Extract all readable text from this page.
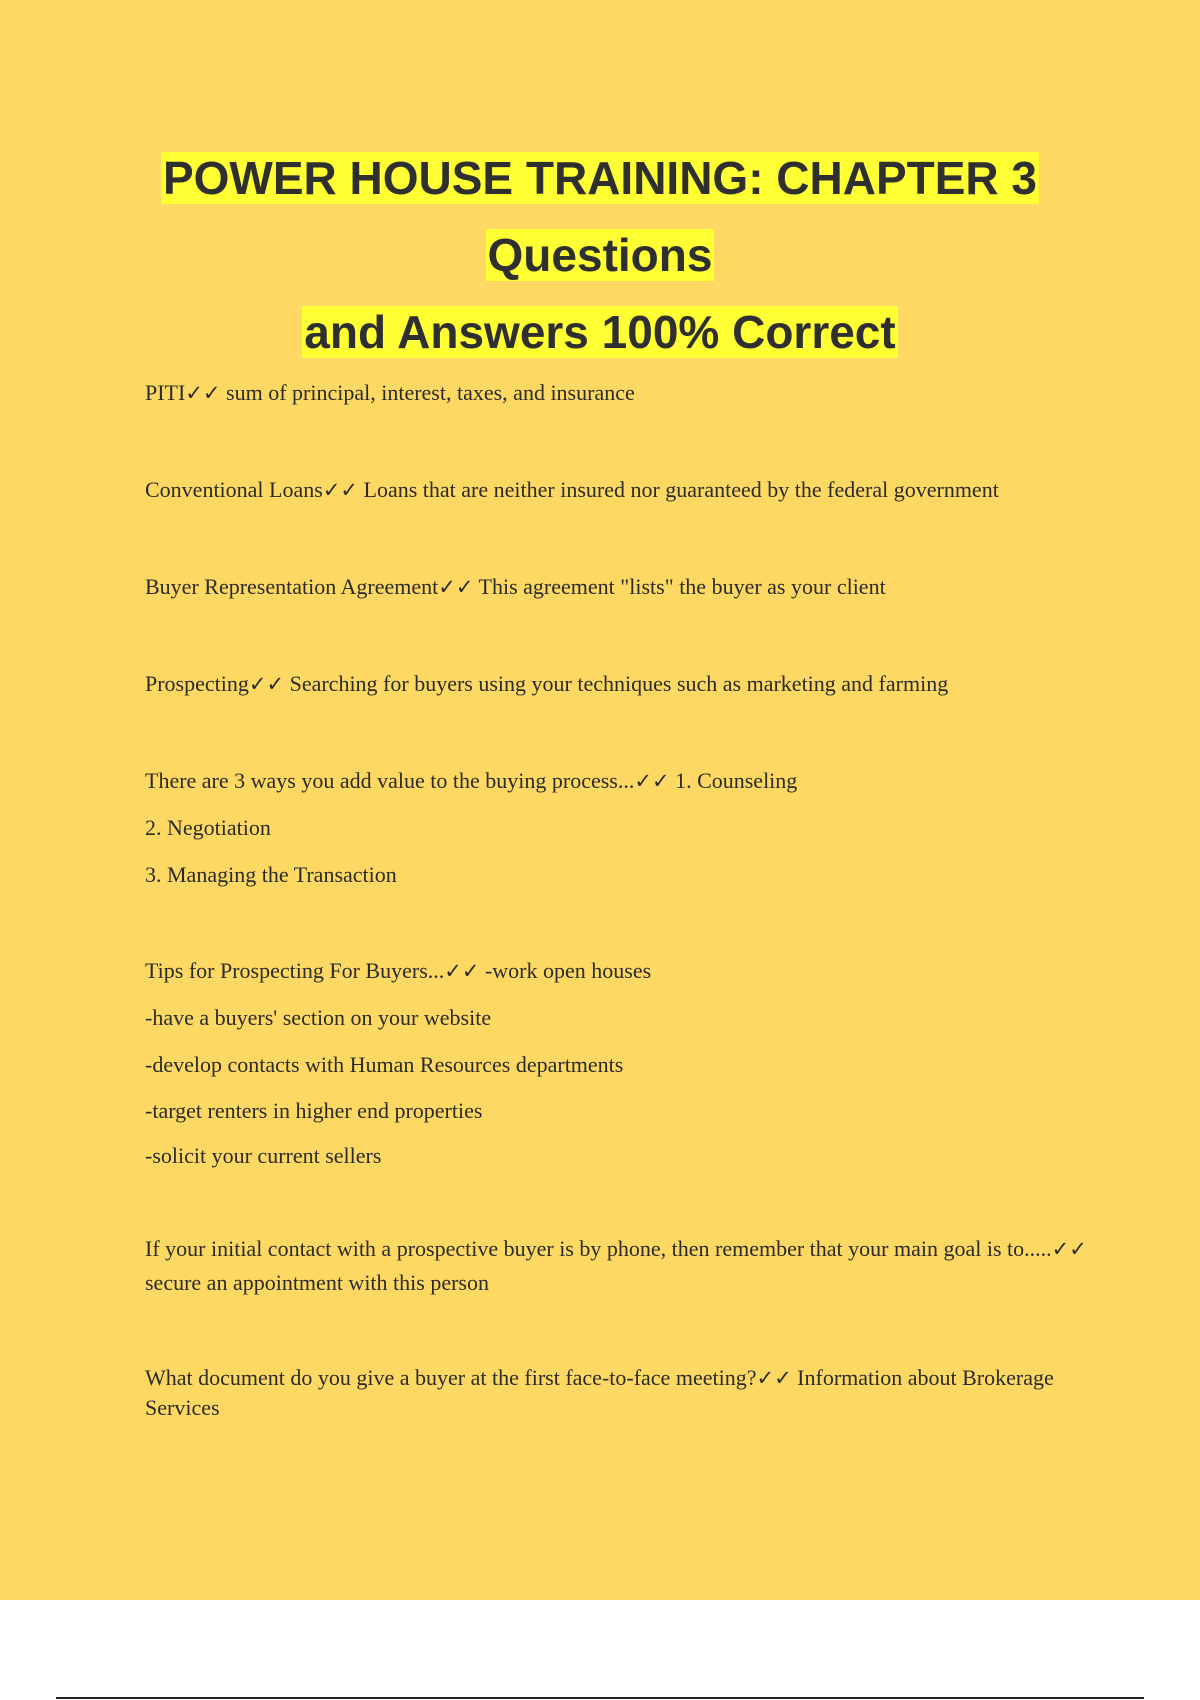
POWER HOUSE TRAINING: CHAPTER 3
Questions
and Answers 100% Correct
PITI✓✓ sum of principal, interest, taxes, and insurance
Conventional Loans✓✓ Loans that are neither insured nor guaranteed by the federal government
Buyer Representation Agreement✓✓ This agreement "lists" the buyer as your client
Prospecting✓✓ Searching for buyers using your techniques such as marketing and farming
There are 3 ways you add value to the buying process...✓✓ 1. Counseling
2. Negotiation
3. Managing the Transaction
Tips for Prospecting For Buyers...✓✓ -work open houses
-have a buyers' section on your website
-develop contacts with Human Resources departments
-target renters in higher end properties
-solicit your current sellers
If your initial contact with a prospective buyer is by phone, then remember that your main goal is to.....✓✓ secure an appointment with this person
What document do you give a buyer at the first face-to-face meeting?✓✓ Information about Brokerage Services
